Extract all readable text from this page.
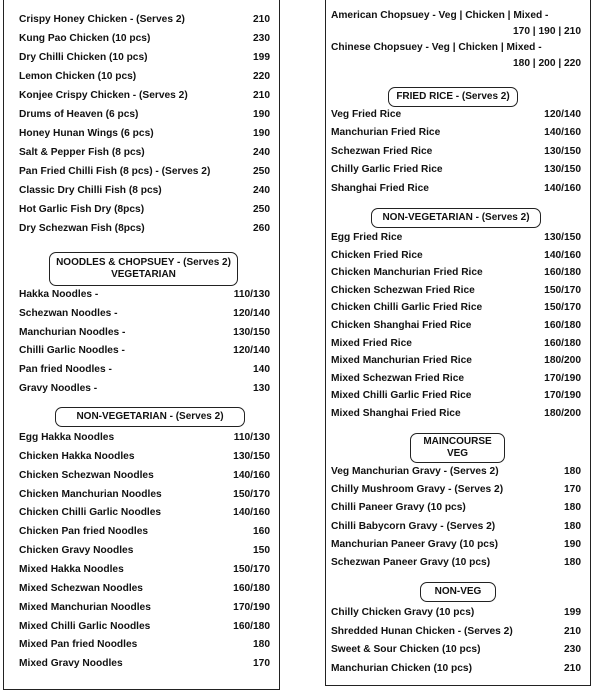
NOODLES & CHOPSUEY - (Serves 2)
VEGETARIAN
NON-VEGETARIAN - (Serves 2)
Crispy Honey Chicken - (Serves 2)	210
Kung Pao Chicken (10 pcs)	230
Dry Chilli Chicken (10 pcs)	199
Lemon Chicken (10 pcs)	220
Konjee Crispy Chicken - (Serves 2)	210
Drums of Heaven (6 pcs)	190
Honey Hunan Wings (6 pcs)	190
Salt & Pepper Fish (8 pcs)	240
Pan Fried Chilli Fish (8 pcs) - (Serves 2)	250
Classic Dry Chilli Fish (8 pcs)	240
Hot Garlic Fish Dry (8pcs)	250
Dry Schezwan Fish (8pcs)	260
Hakka Noodles -	110/130
Schezwan Noodles -	120/140
Manchurian Noodles -	130/150
Chilli Garlic Noodles -	120/140
Pan fried Noodles -	140
Gravy Noodles -	130
Egg Hakka Noodles	110/130
Chicken Hakka Noodles	130/150
Chicken Schezwan Noodles	140/160
Chicken Manchurian Noodles	150/170
Chicken Chilli Garlic Noodles	140/160
Chicken Pan fried Noodles	160
Chicken Gravy Noodles	150
Mixed Hakka Noodles	150/170
Mixed Schezwan Noodles	160/180
Mixed Manchurian Noodles	170/190
Mixed Chilli Garlic Noodles	160/180
Mixed Pan fried Noodles	180
Mixed Gravy Noodles	170
FRIED RICE - (Serves 2)
NON-VEGETARIAN - (Serves 2)
MAINCOURSE
VEG
NON-VEG
American Chopsuey - Veg | Chicken | Mixed -
170 | 190 | 210
Chinese Chopsuey - Veg | Chicken | Mixed -
180 | 200 | 220
Veg Fried Rice	120/140
Manchurian Fried Rice	140/160
Schezwan Fried Rice	130/150
Chilly Garlic Fried Rice	130/150
Shanghai Fried Rice	140/160
Egg Fried Rice	130/150
Chicken Fried Rice	140/160
Chicken Manchurian Fried Rice	160/180
Chicken Schezwan Fried Rice	150/170
Chicken Chilli Garlic Fried Rice	150/170
Chicken Shanghai Fried Rice	160/180
Mixed Fried Rice	160/180
Mixed Manchurian Fried Rice	180/200
Mixed Schezwan Fried Rice	170/190
Mixed Chilli Garlic Fried Rice	170/190
Mixed Shanghai Fried Rice	180/200
Veg Manchurian Gravy - (Serves 2)	180
Chilly Mushroom Gravy - (Serves 2)	170
Chilli Paneer Gravy (10 pcs)	180
Chilli Babycorn Gravy - (Serves 2)	180
Manchurian Paneer Gravy (10 pcs)	190
Schezwan Paneer Gravy (10 pcs)	180
Chilly Chicken Gravy (10 pcs)	199
Shredded Hunan Chicken - (Serves 2)	210
Sweet & Sour Chicken (10 pcs)	230
Manchurian Chicken (10 pcs)	210
